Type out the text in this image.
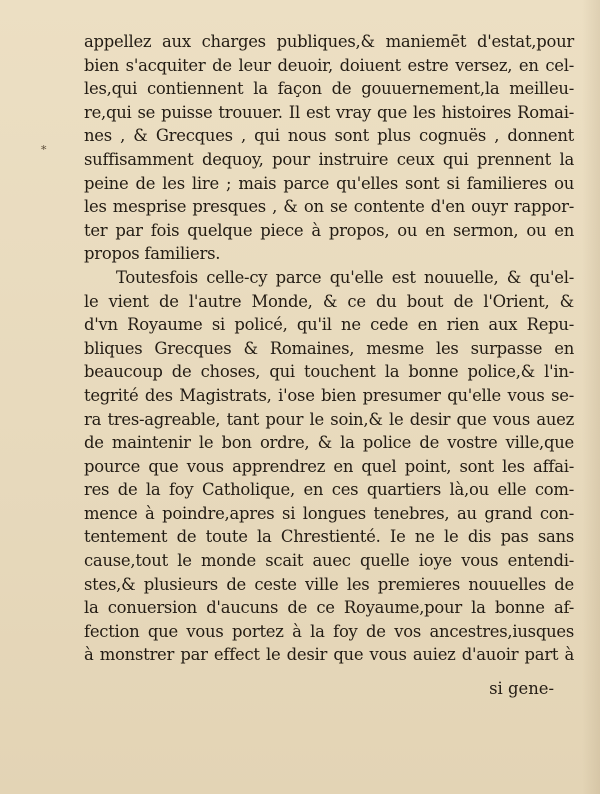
∗
appellez aux charges publiques,& maniemēt d'estat,pour
bien s'acquiter de leur deuoir, doiuent estre versez, en cel-
les,qui contiennent la façon de gouuernement,la meilleu-
re,qui se puisse trouuer. Il est vray que les histoires Romai-
nes , & Grecques , qui nous sont plus cognuës , donnent
suffisamment dequoy, pour instruire ceux qui prennent la
peine de les lire ; mais parce qu'elles sont si familieres ou
les mesprise presques , & on se contente d'en ouyr rappor-
ter par fois quelque piece à propos, ou en sermon, ou en
propos familiers.
Toutesfois celle-cy parce qu'elle est nouuelle, & qu'el-
le vient de l'autre Monde, & ce du bout de l'Orient, &
d'vn Royaume si policé, qu'il ne cede en rien aux Repu-
bliques Grecques & Romaines, mesme les surpasse en
beaucoup de choses, qui touchent la bonne police,& l'in-
tegrité des Magistrats, i'ose bien presumer qu'elle vous se-
ra tres-agreable, tant pour le soin,& le desir que vous auez
de maintenir le bon ordre, & la police de vostre ville,que
pource que vous apprendrez en quel point, sont les affai-
res de la foy Catholique, en ces quartiers là,ou elle com-
mence à poindre,apres si longues tenebres, au grand con-
tentement de toute la Chrestienté. Ie ne le dis pas sans
cause,tout le monde scait auec quelle ioye vous entendi-
stes,& plusieurs de ceste ville les premieres nouuelles de
la conuersion d'aucuns de ce Royaume,pour la bonne af-
fection que vous portez à la foy de vos ancestres,iusques
à monstrer par effect le desir que vous auiez d'auoir part à
si gene-
